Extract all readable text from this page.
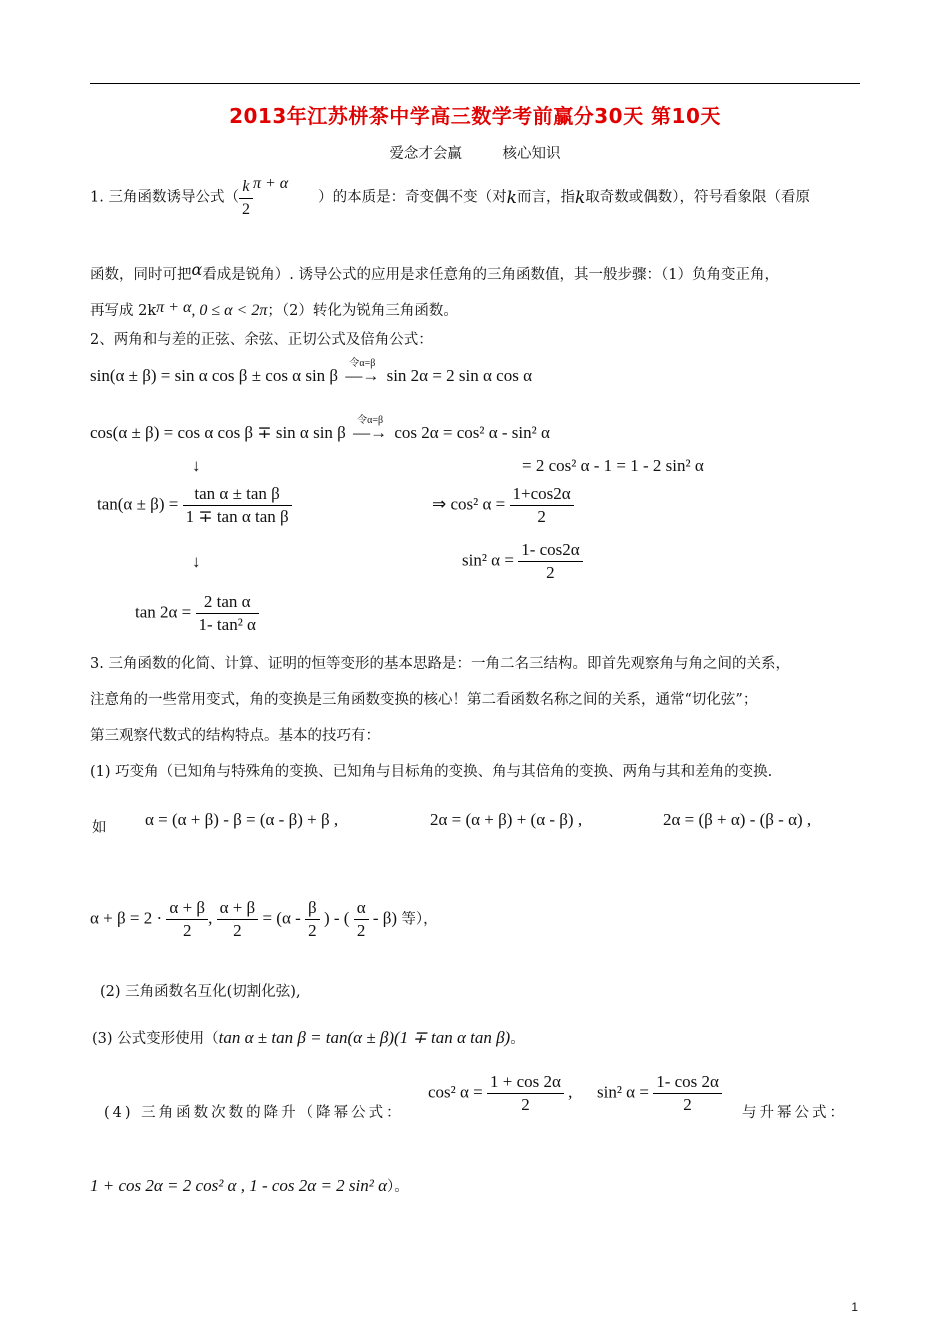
2013年江苏栟茶中学高三数学考前赢分30天 第10天
爱念才会赢	核心知识
1. 三角函数诱导公式（ $\frac{k}{2}$ π + α）的本质是：奇变偶不变（对k而言，指k取奇数或偶数），符号看象限（看原
函数，同时可把α看成是锐角）. 诱导公式的应用是求任意角的三角函数值，其一般步骤：（1）负角变正角，
再写成 2kπ + α, 0 ≤ α < 2π；（2）转化为锐角三角函数。
2、两角和与差的正弦、余弦、正切公式及倍角公式：
sin(α ± β) = sin α cos β ± cos α sin β
令α=β
—→ sin 2α = 2 sin α cos α
cos(α ± β) = cos α cos β ∓ sin α sin β
令α=β
—→ cos 2α = cos² α - sin² α
↓	= 2 cos² α - 1 = 1 - 2 sin² α
$\tan(\alpha \pm \beta) = \frac{\text{tan α ± tan β}}{\text{1 ∓ tan α tan β}}$	⇒ cos² $\alpha = \frac{1+\cos 2\alpha}{2}$
↓	sin² $\alpha = \frac{1- \cos 2\alpha}{2}$
$\tan 2\alpha = \frac{\text{2 tan α}}{\text{1- tan² α}}$
3. 三角函数的化简、计算、证明的恒等变形的基本思路是：一角二名三结构。即首先观察角与角之间的关系，
注意角的一些常用变式，角的变换是三角函数变换的核心！第二看函数名称之间的关系，通常“切化弦”；
第三观察代数式的结构特点。基本的技巧有：
(1) 巧变角（已知角与特殊角的变换、已知角与目标角的变换、角与其倍角的变换、两角与其和差角的变换.
如 α = (α + β) - β = (α - β) + β ,	2α = (α + β) + (α - β) ,	2α = (β + α) - (β - α) ,
$\alpha + \beta = 2 \cdot \frac{\alpha + \beta}{2}$ , $\frac{\alpha + \beta}{2} = (\alpha - \frac{\beta}{2}$ ) - ( $\frac{\alpha}{2} - \beta$) 等），
(2) 三角函数名互化(切割化弦),
(3) 公式变形使用（tan α ± tan β = tan(α ± β)(1 ∓ tan α tan β)。
(4) 三角函数次数的降升（降幂公式：
cos² $\alpha = \frac{1 + \cos 2\alpha}{2}$ , sin² $\alpha = \frac{1- \cos 2\alpha}{2}$ 与升幂公式：
1 + cos 2α = 2 cos² α , 1 - cos 2α = 2 sin² α）。
1
